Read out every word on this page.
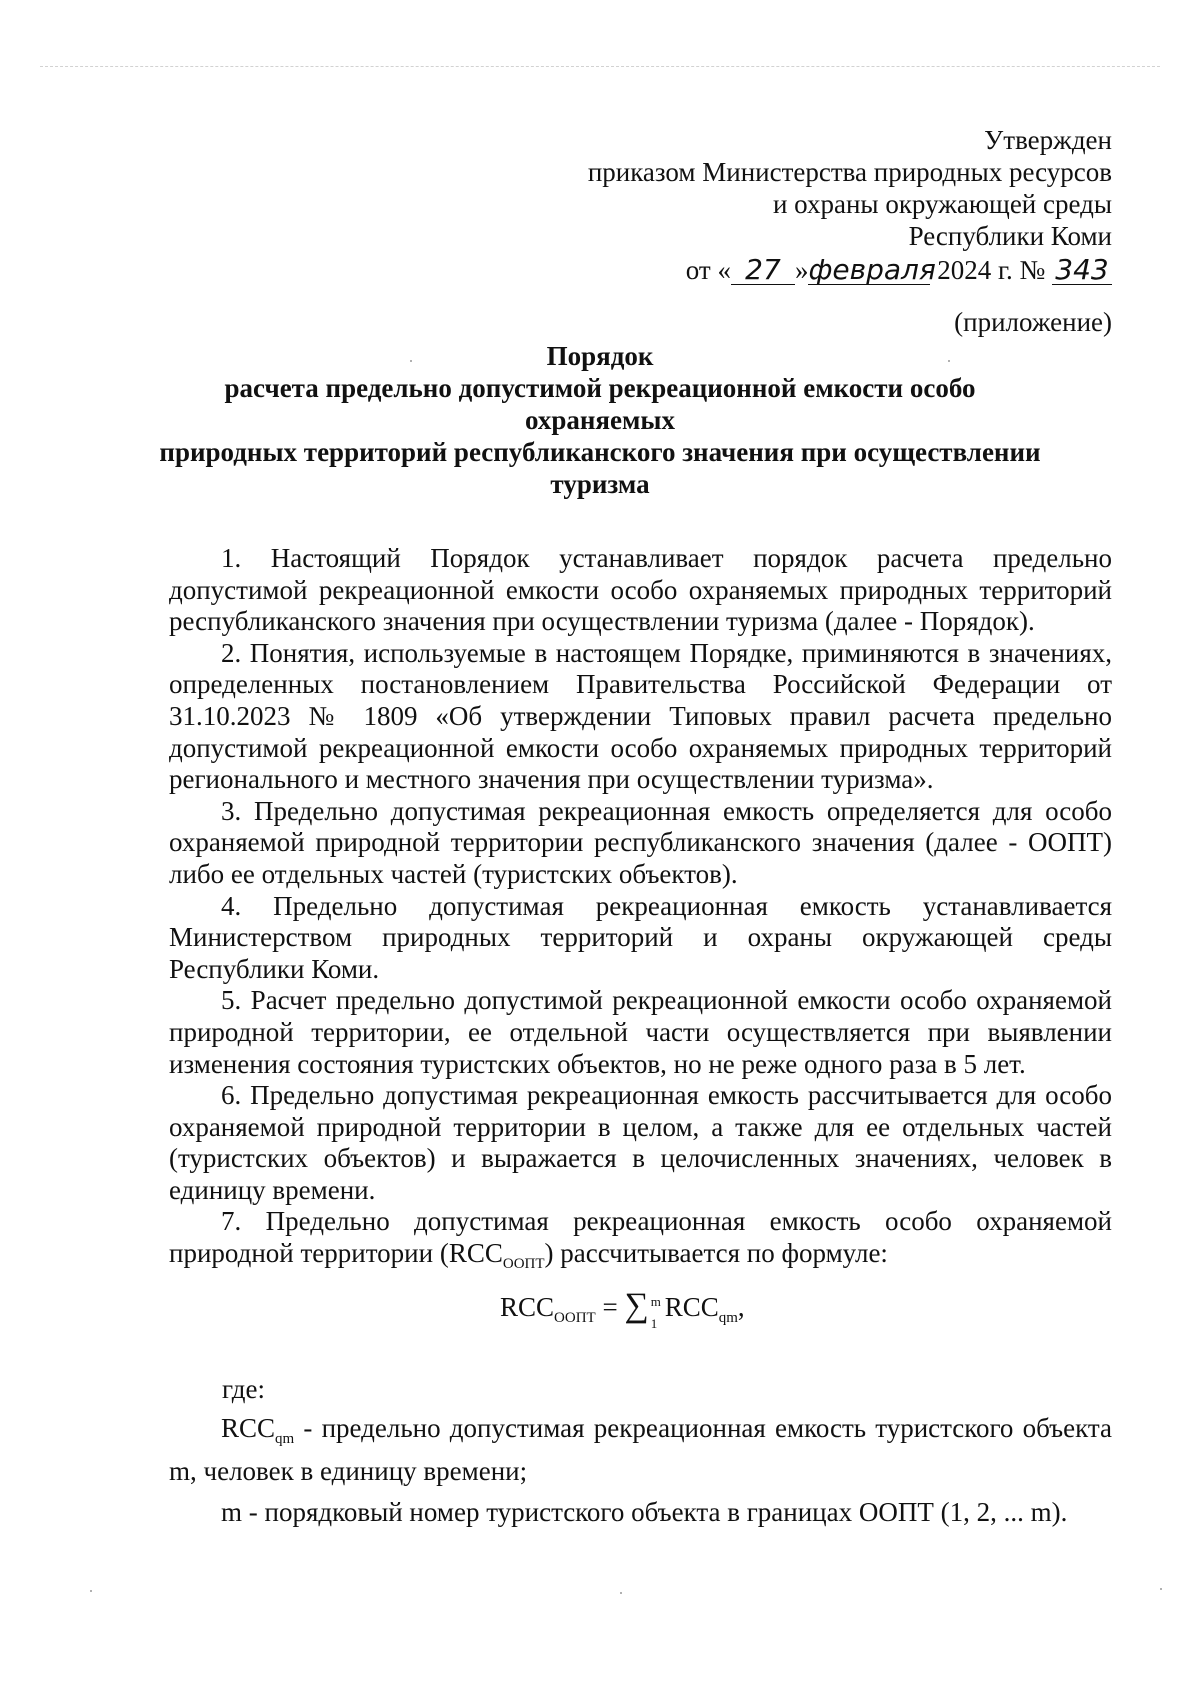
Утвержден
приказом Министерства природных ресурсов
и охраны окружающей среды
Республики Коми
от « 27 »февраля 2024 г. № 343
(приложение)
Порядок
расчета предельно допустимой рекреационной емкости особо охраняемых
природных территорий республиканского значения при осуществлении
туризма

1. Настоящий Порядок устанавливает порядок расчета предельно допустимой рекреационной емкости особо охраняемых природных территорий республиканского значения при осуществлении туризма (далее - Порядок).

2. Понятия, используемые в настоящем Порядке, приминяются в значениях, определенных постановлением Правительства Российской Федерации от 31.10.2023 № 1809 «Об утверждении Типовых правил расчета предельно допустимой рекреационной емкости особо охраняемых природных территорий регионального и местного значения при осуществлении туризма».

3. Предельно допустимая рекреационная емкость определяется для особо охраняемой природной территории республиканского значения (далее - ООПТ) либо ее отдельных частей (туристских объектов).

4. Предельно допустимая рекреационная емкость устанавливается Министерством природных территорий и охраны окружающей среды Республики Коми.

5. Расчет предельно допустимой рекреационной емкости особо охраняемой природной территории, ее отдельной части осуществляется при выявлении изменения состояния туристских объектов, но не реже одного раза в 5 лет.

6. Предельно допустимая рекреационная емкость рассчитывается для особо охраняемой природной территории в целом, а также для ее отдельных частей (туристских объектов) и выражается в целочисленных значениях, человек в единицу времени.

7. Предельно допустимая рекреационная емкость особо охраняемой природной территории $(RCC_{ООПТ})$ рассчитывается по формуле:

$RCC_{ООПТ}$ = ∑ m
1
$RCC_{qm}$,
где:

$RCC_{qm}$ - предельно допустимая рекреационная емкость туристского объекта m, человек в единицу времени;

m - порядковый номер туристского объекта в границах ООПТ (1, 2, ... m).
